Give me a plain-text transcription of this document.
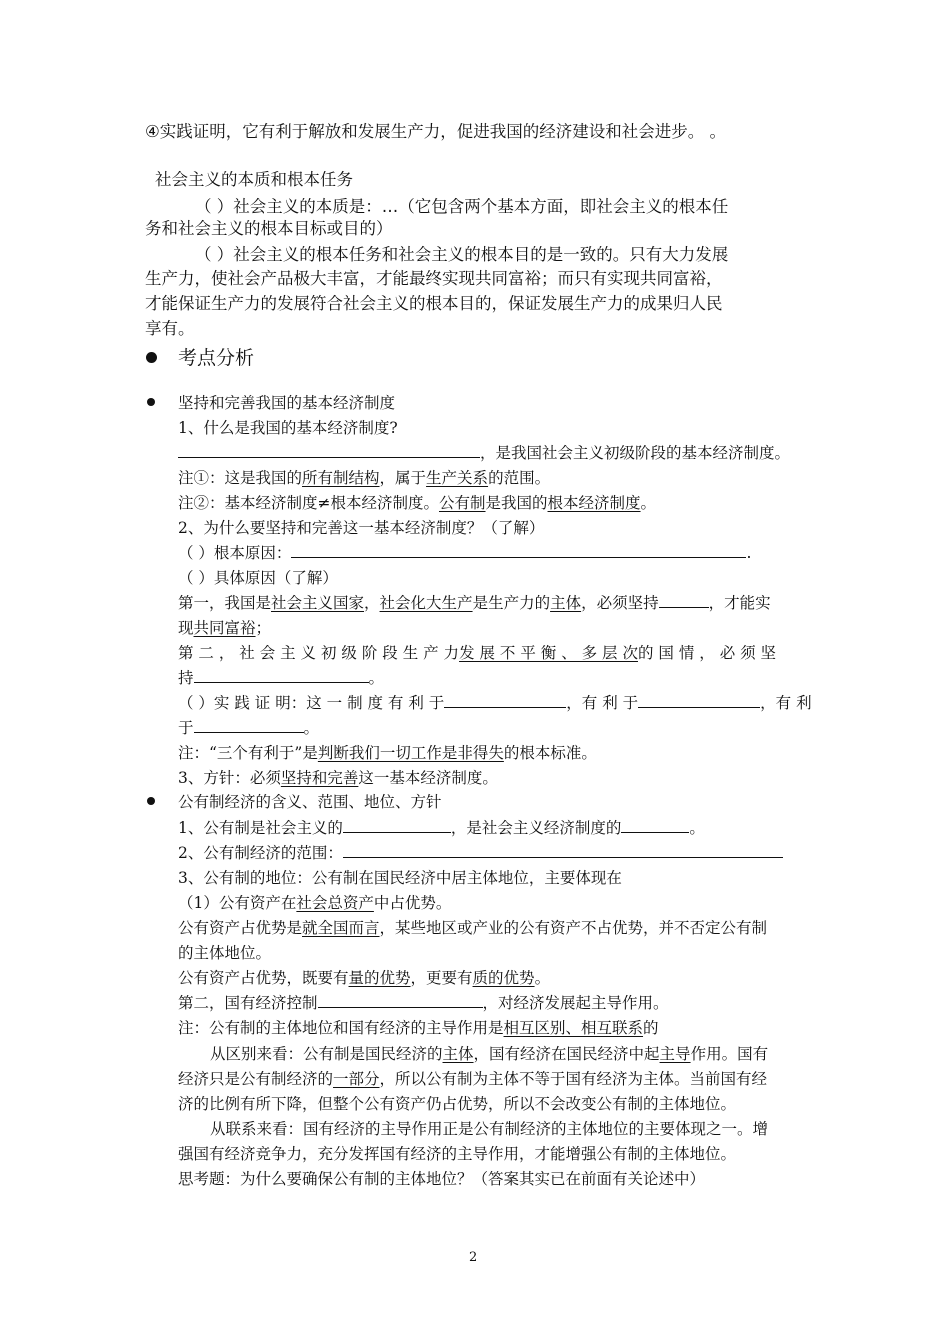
④实践证明，它有利于解放和发展生产力，促进我国的经济建设和社会进步。 。
社会主义的本质和根本任务
（ ）社会主义的本质是：…（它包含两个基本方面，即社会主义的根本任
务和社会主义的根本目标或目的）
（ ）社会主义的根本任务和社会主义的根本目的是一致的。只有大力发展
生产力，使社会产品极大丰富，才能最终实现共同富裕；而只有实现共同富裕，
才能保证生产力的发展符合社会主义的根本目的，保证发展生产力的成果归人民
享有。
考点分析
坚持和完善我国的基本经济制度
1、什么是我国的基本经济制度?
，是我国社会主义初级阶段的基本经济制度。
注①：这是我国的所有制结构，属于生产关系的范围。
注②：基本经济制度≠根本经济制度。公有制是我国的根本经济制度。
2、为什么要坚持和完善这一基本经济制度？（了解）
（ ）根本原因：	.
（ ）具体原因（了解）
第一，我国是社会主义国家，社会化大生产是生产力的主体，必须坚持	，才能实
现共同富裕；
第 二 ， 社 会 主 义 初 级 阶 段 生 产 力发 展 不 平 衡 、 多 层 次的 国 情 ， 必 须 坚
持	。
（ ）实 践 证 明：这 一 制 度 有 利 于	，有 利 于	，有 利
于	。
注：“三个有利于”是判断我们一切工作是非得失的根本标准。
3、方针：必须坚持和完善这一基本经济制度。
公有制经济的含义、范围、地位、方针
1、公有制是社会主义的	，是社会主义经济制度的	。
2、公有制经济的范围：
3、公有制的地位：公有制在国民经济中居主体地位，主要体现在
（1）公有资产在社会总资产中占优势。
公有资产占优势是就全国而言，某些地区或产业的公有资产不占优势，并不否定公有制
的主体地位。
公有资产占优势，既要有量的优势，更要有质的优势。
第二，国有经济控制	，对经济发展起主导作用。
注：公有制的主体地位和国有经济的主导作用是相互区别、相互联系的
从区别来看：公有制是国民经济的主体，国有经济在国民经济中起主导作用。国有
经济只是公有制经济的一部分，所以公有制为主体不等于国有经济为主体。当前国有经
济的比例有所下降，但整个公有资产仍占优势，所以不会改变公有制的主体地位。
从联系来看：国有经济的主导作用正是公有制经济的主体地位的主要体现之一。增
强国有经济竞争力，充分发挥国有经济的主导作用，才能增强公有制的主体地位。
思考题：为什么要确保公有制的主体地位？（答案其实已在前面有关论述中）
2
